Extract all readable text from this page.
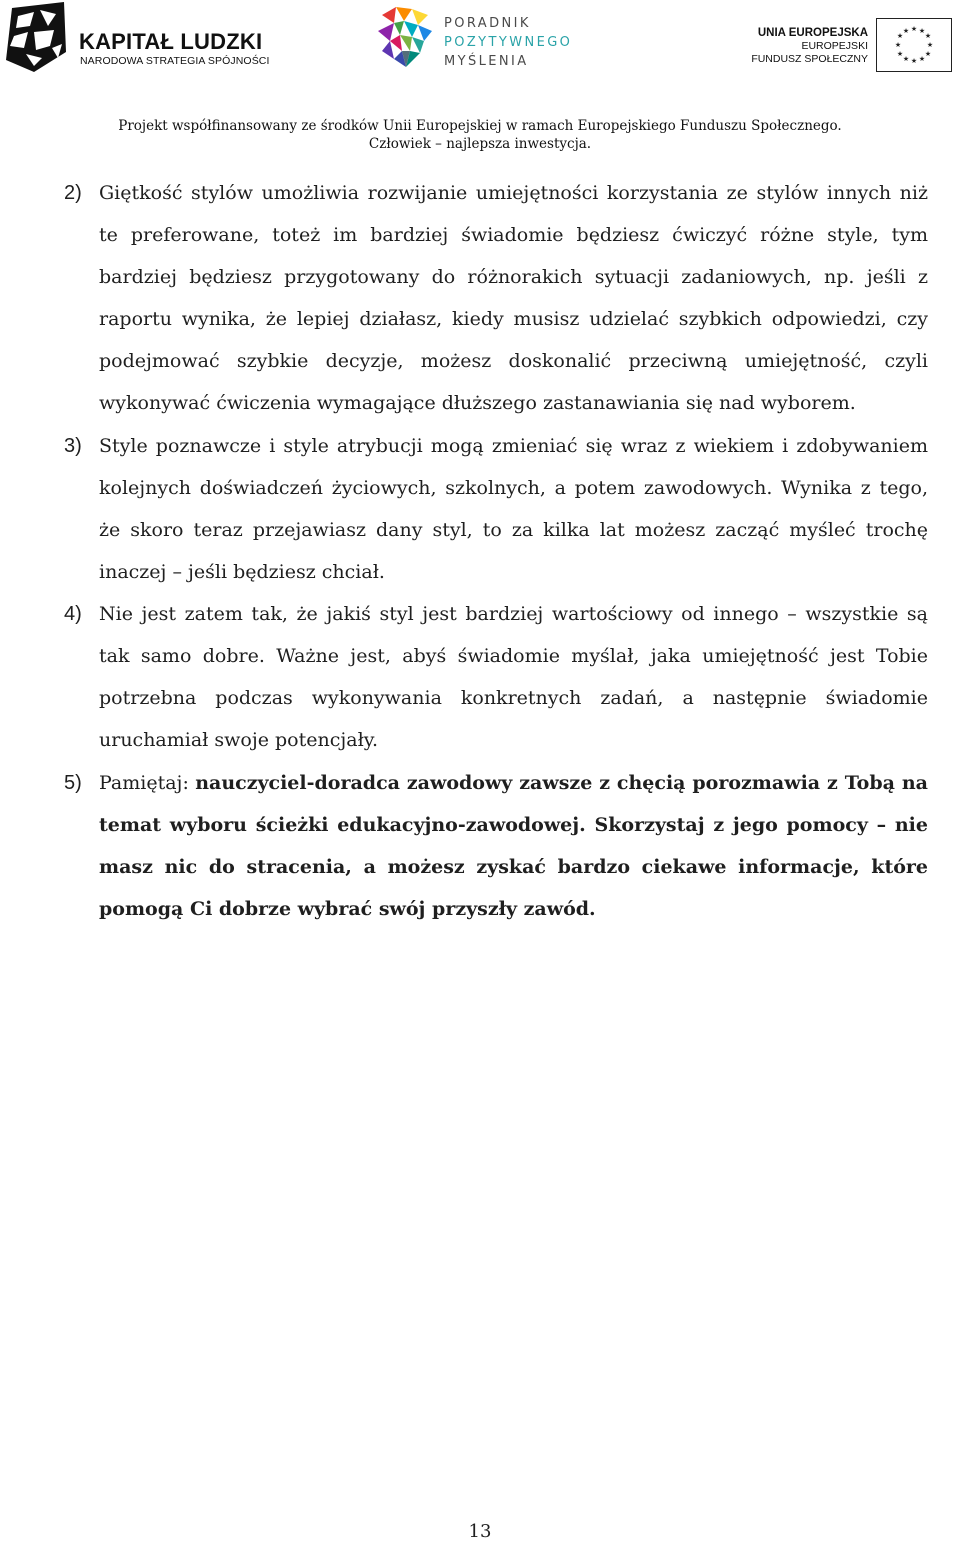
KAPITAŁ LUDZKI
NARODOWA STRATEGIA SPÓJNOŚCI
PORADNIK
POZYTYWNEGO
MYŚLENIA
UNIA EUROPEJSKA
EUROPEJSKI
FUNDUSZ SPOŁECZNY
★ ★
★
★
★
★
★
★
★
★
★
★
Projekt współfinansowany ze środków Unii Europejskiej w ramach Europejskiego Funduszu Społecznego.
Człowiek – najlepsza inwestycja.
2) Giętkość stylów umożliwia rozwijanie umiejętności korzystania ze stylów innych niż te preferowane, toteż im bardziej świadomie będziesz ćwiczyć różne style, tym bardziej będziesz przygotowany do różnorakich sytuacji zadaniowych, np. jeśli z raportu wynika, że lepiej działasz, kiedy musisz udzielać szybkich odpowiedzi, czy podejmować szybkie decyzje, możesz doskonalić przeciwną umiejętność, czyli wykonywać ćwiczenia wymagające dłuższego zastanawiania się nad wyborem.
3) Style poznawcze i style atrybucji mogą zmieniać się wraz z wiekiem i zdobywaniem kolejnych doświadczeń życiowych, szkolnych, a potem zawodowych. Wynika z tego, że skoro teraz przejawiasz dany styl, to za kilka lat możesz zacząć myśleć trochę inaczej – jeśli będziesz chciał.
4) Nie jest zatem tak, że jakiś styl jest bardziej wartościowy od innego – wszystkie są tak samo dobre. Ważne jest, abyś świadomie myślał, jaka umiejętność jest Tobie potrzebna podczas wykonywania konkretnych zadań, a następnie świadomie uruchamiał swoje potencjały.
5) Pamiętaj: nauczyciel-doradca zawodowy zawsze z chęcią porozmawia z Tobą na temat wyboru ścieżki edukacyjno-zawodowej. Skorzystaj z jego pomocy – nie masz nic do stracenia, a możesz zyskać bardzo ciekawe informacje, które pomogą Ci dobrze wybrać swój przyszły zawód.
13
